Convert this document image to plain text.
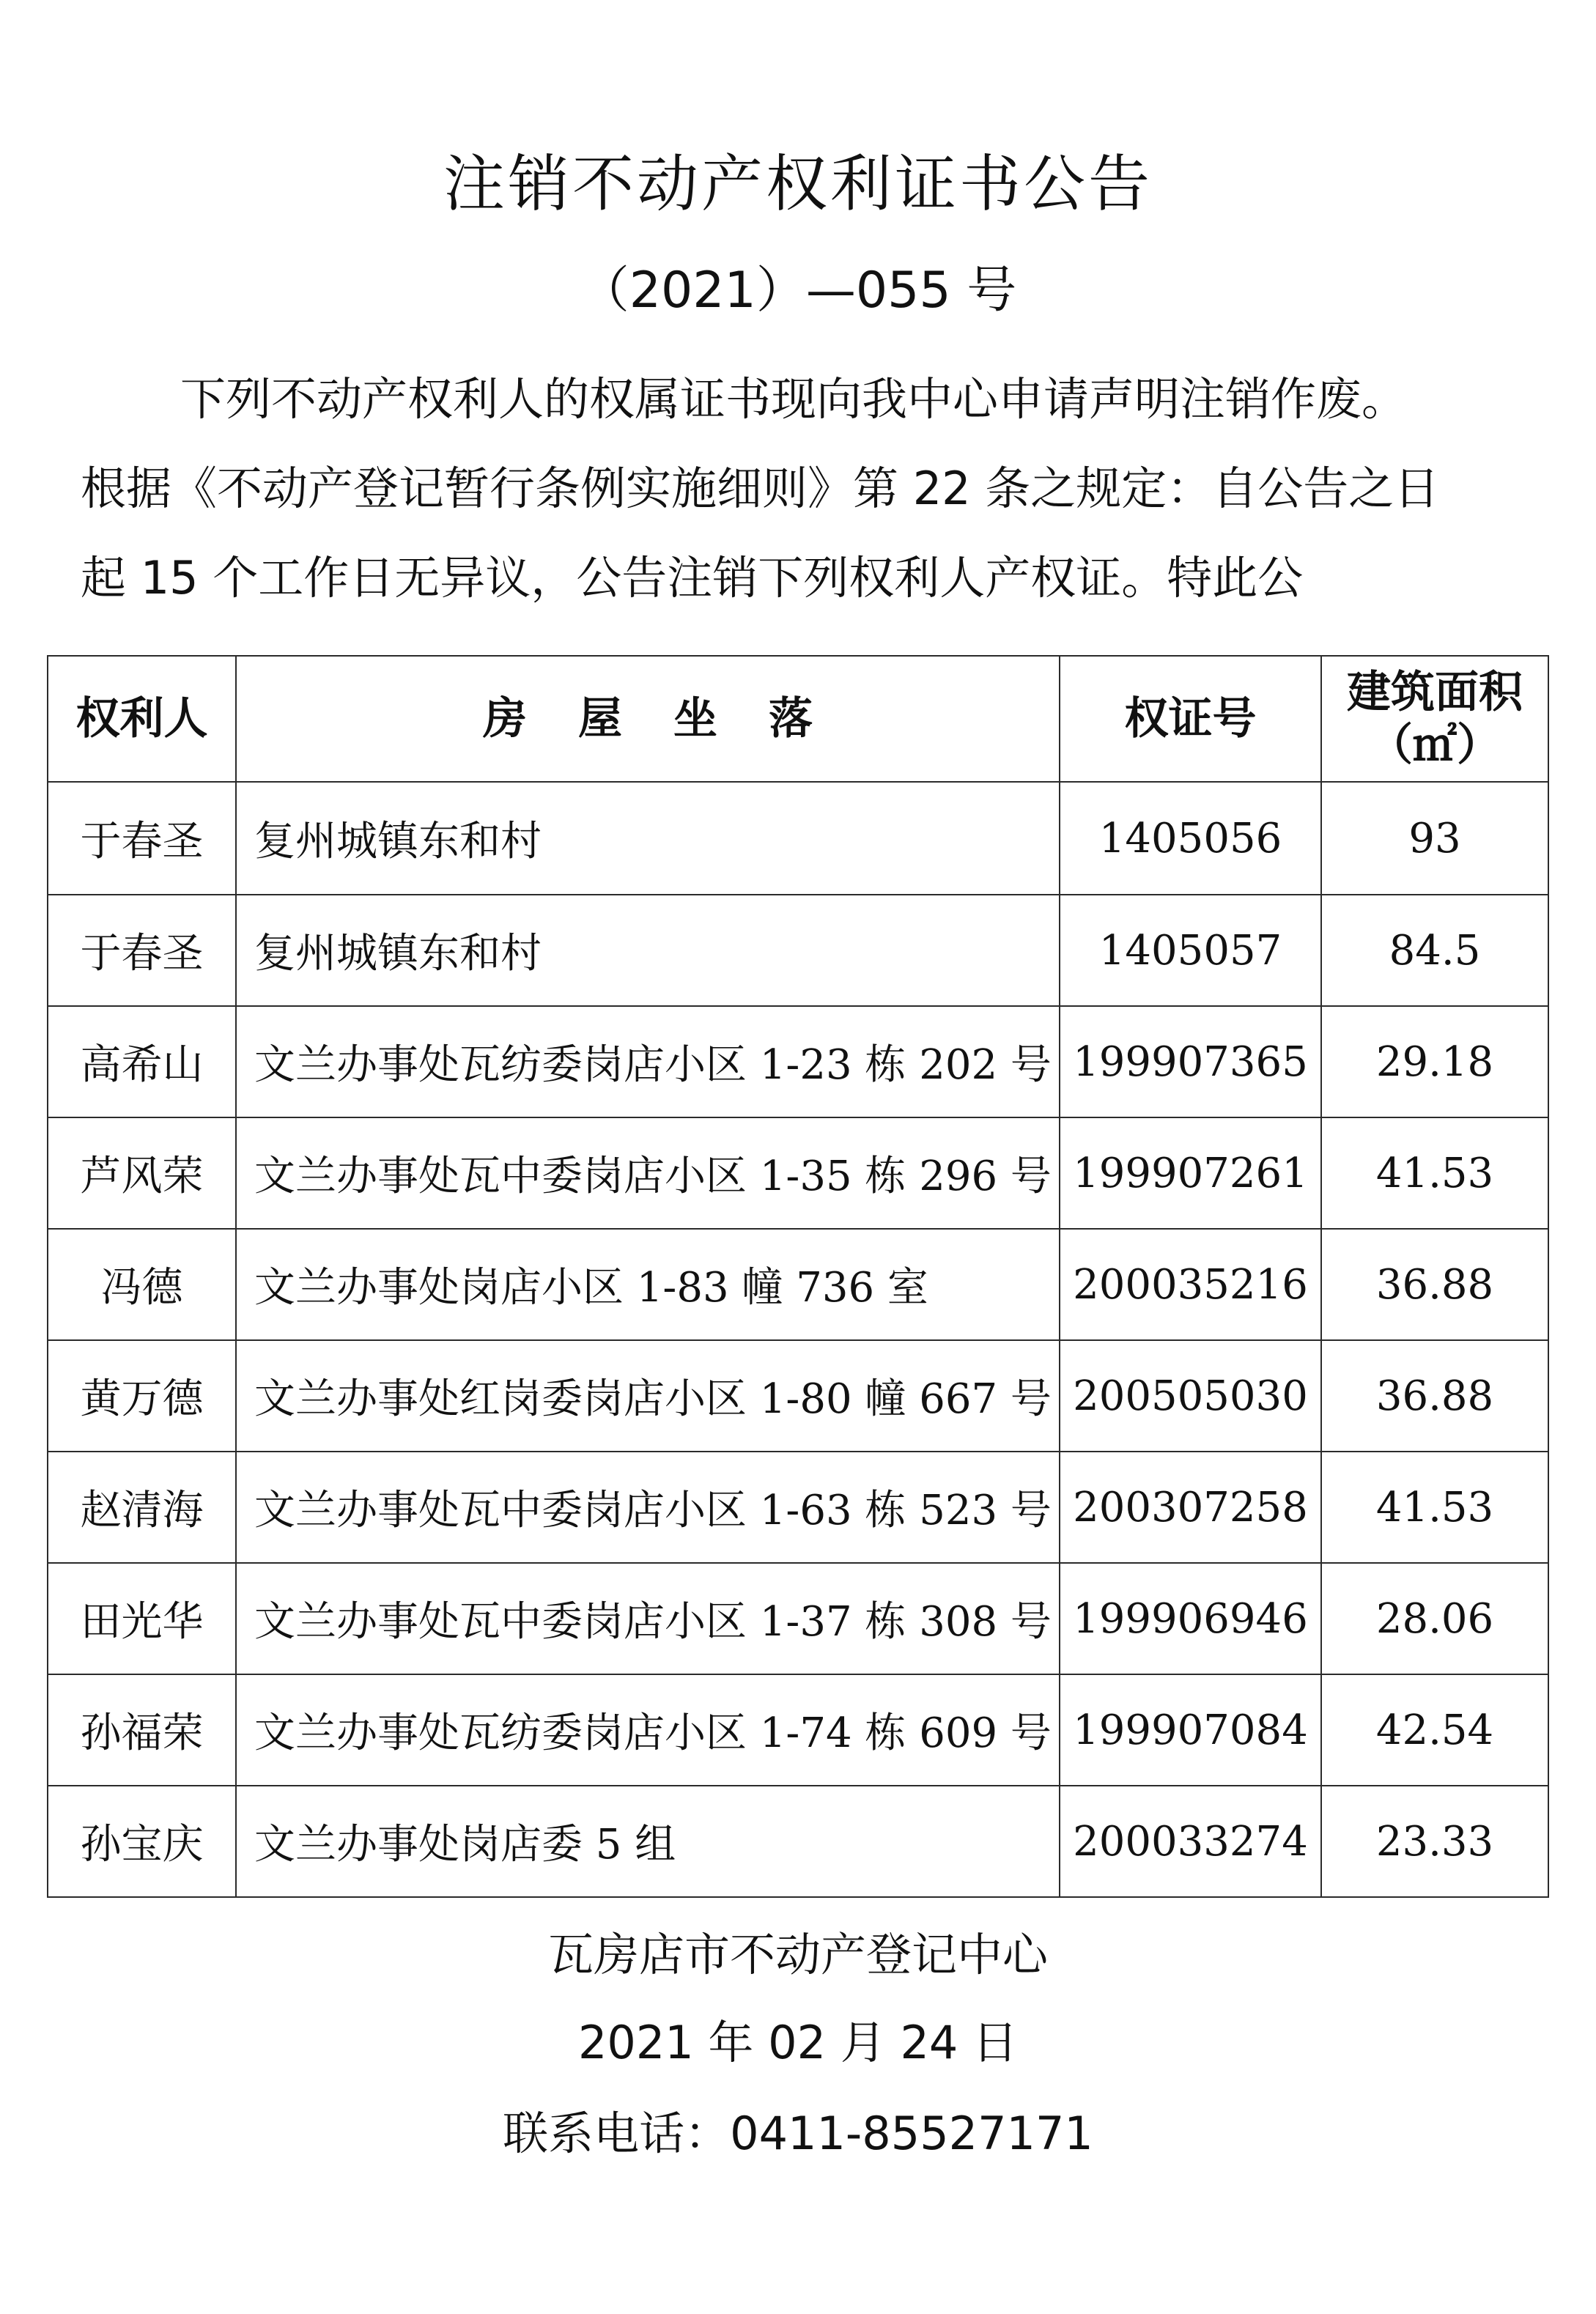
注销不动产权利证书公告
（2021）—055 号

下列不动产权利人的权属证书现向我中心申请声明注销作废。

根据《不动产登记暂行条例实施细则》第 22 条之规定：自公告之日

起 15 个工作日无异议，公告注销下列权利人产权证。特此公

权利人	房屋坐落	权证号	建筑面积
（㎡）

于春圣	复州城镇东和村	1405056	93
于春圣	复州城镇东和村	1405057	84.5
高希山	文兰办事处瓦纺委岗店小区 1-23 栋 202 号	199907365	29.18
芦风荣	文兰办事处瓦中委岗店小区 1-35 栋 296 号	199907261	41.53
冯德	文兰办事处岗店小区 1-83 幢 736 室	200035216	36.88
黄万德	文兰办事处红岗委岗店小区 1-80 幢 667 号	200505030	36.88
赵清海	文兰办事处瓦中委岗店小区 1-63 栋 523 号	200307258	41.53
田光华	文兰办事处瓦中委岗店小区 1-37 栋 308 号	199906946	28.06
孙福荣	文兰办事处瓦纺委岗店小区 1-74 栋 609 号	199907084	42.54
孙宝庆	文兰办事处岗店委 5 组	200033274	23.33
瓦房店市不动产登记中心
2021 年 02 月 24 日
联系电话：0411-85527171
